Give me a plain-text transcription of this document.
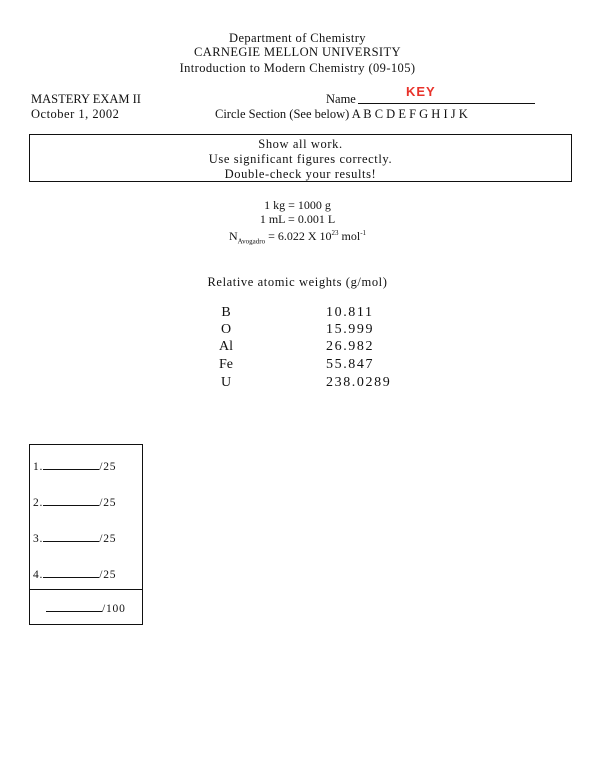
Department of Chemistry
CARNEGIE MELLON UNIVERSITY
Introduction to Modern Chemistry (09-105)
MASTERY EXAM II
October 1, 2002
Name	KEY
Circle Section (See below) A B C D E F G H I J K
Show all work.
Use significant figures correctly.
Double-check your results!
1 kg = 1000 g
1 mL = 0.001 L
$N_{Avogadro} = 6.022$ X $10^{23}$ mol$^{-1}$
Relative atomic weights (g/mol)
B	10.811
O	15.999
Al	26.982
Fe	55.847
U	238.0289
1.	/25
2.	/25
3.	/25
4.	/25
/100
